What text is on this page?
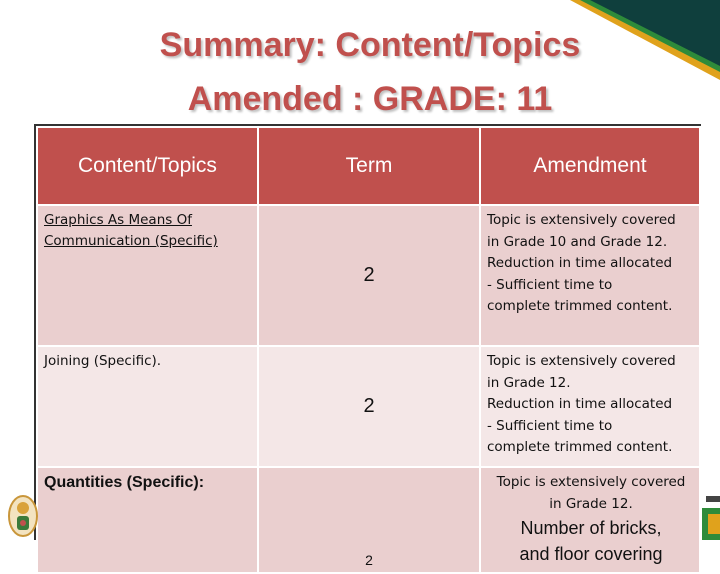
Summary: Content/Topics
Amended : GRADE: 11
Content/Topics	Term	Amendment

Graphics As Means Of Communication (Specific)	2	Topic is extensively covered
in Grade 10 and Grade 12.
Reduction in time allocated
- Sufficient time to
complete trimmed content.

Joining (Specific).	2	Topic is extensively covered
in Grade 12.
Reduction in time allocated
- Sufficient time to
complete trimmed content.

Quantities (Specific):	2	Topic is extensively covered
in Grade 12.
Number of bricks,
and floor covering
